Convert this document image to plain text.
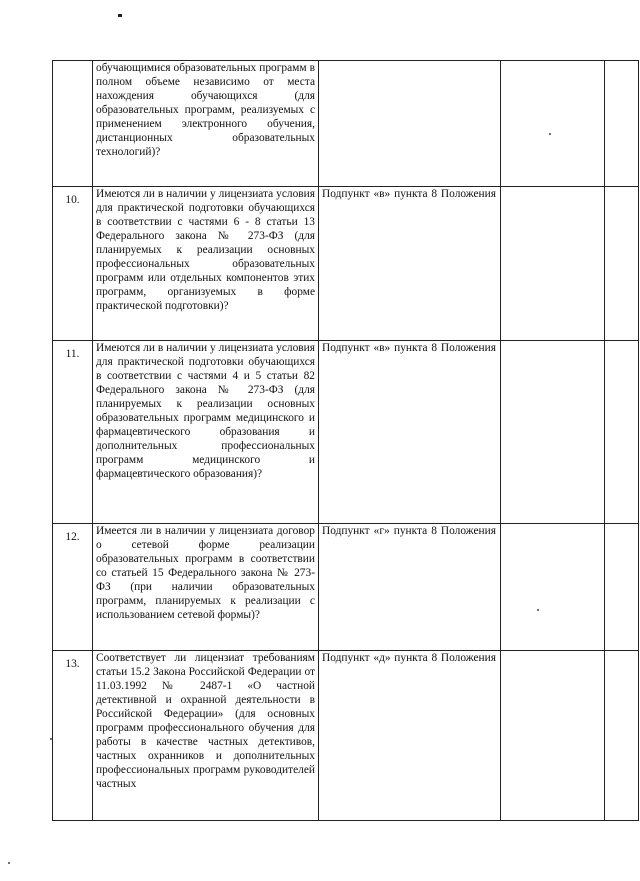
	обучающимися образовательных программ в полном объеме независимо от места нахождения обучающихся (для образовательных программ, реализуемых с применением электронного обучения, дистанционных образовательных технологий)?			

10.	Имеются ли в наличии у лицензиата условия для практической подготовки обучающихся в соответствии с частями 6 - 8 статьи 13 Федерального закона № 273-ФЗ (для планируемых к реализации основных профессиональных образовательных программ или отдельных компонентов этих программ, организуемых в форме практической подготовки)?	Подпункт «в» пункта 8 Положения		

11.	Имеются ли в наличии у лицензиата условия для практической подготовки обучающихся в соответствии с частями 4 и 5 статьи 82 Федерального закона № 273-ФЗ (для планируемых к реализации основных образовательных программ медицинского и фармацевтического образования и дополнительных профессиональных программ медицинского и фармацевтического образования)?	Подпункт «в» пункта 8 Положения		

12.	Имеется ли в наличии у лицензиата договор о сетевой форме реализации образовательных программ в соответствии со статьей 15 Федерального закона № 273-ФЗ (при наличии образовательных программ, планируемых к реализации с использованием сетевой формы)?	Подпункт «г» пункта 8 Положения		

13.	Соответствует ли лицензиат требованиям статьи 15.2 Закона Российской Федерации от 11.03.1992 № 2487-1 «О частной детективной и охранной деятельности в Российской Федерации» (для основных программ профессионального обучения для работы в качестве частных детективов, частных охранников и дополнительных профессиональных программ руководителей частных	Подпункт «д» пункта 8 Положения		
